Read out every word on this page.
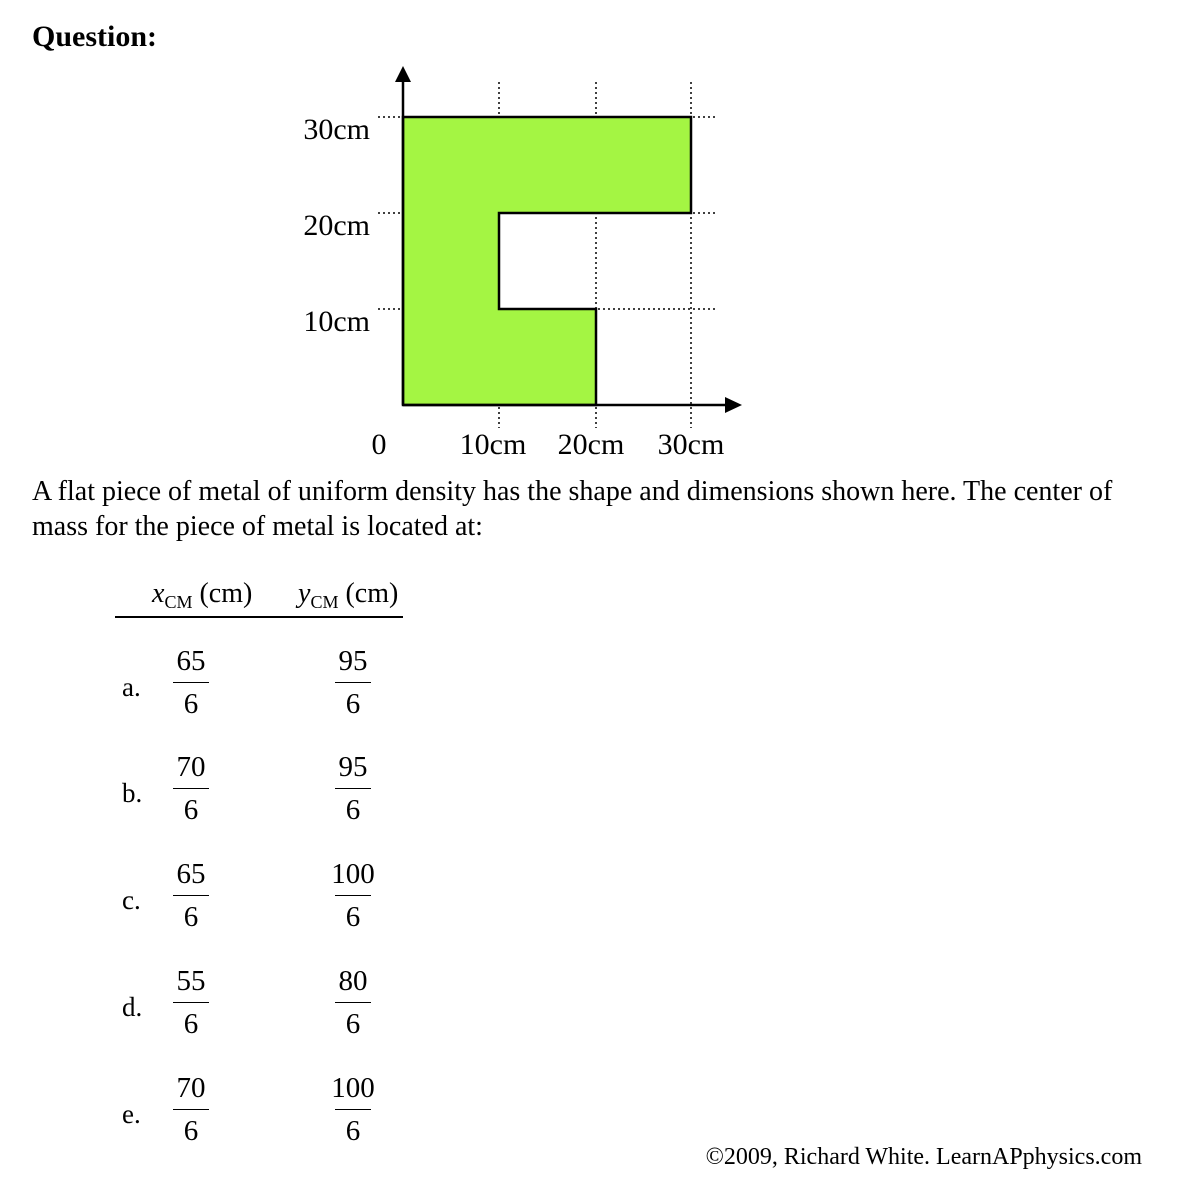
Question:
30cm
20cm
10cm
0 10cm 20cm 30cm
A flat piece of metal of uniform density has the shape and dimensions shown here. The center of mass for the piece of metal is located at:
$x_{CM}$ (cm) $y_{CM}$ (cm)
a.
65
6
95
6
b.
70
6
95
6
c.
65
6
100
6
d.
55
6
80
6
e.
70
6
100
6
©2009, Richard White. LearnAPphysics.com
